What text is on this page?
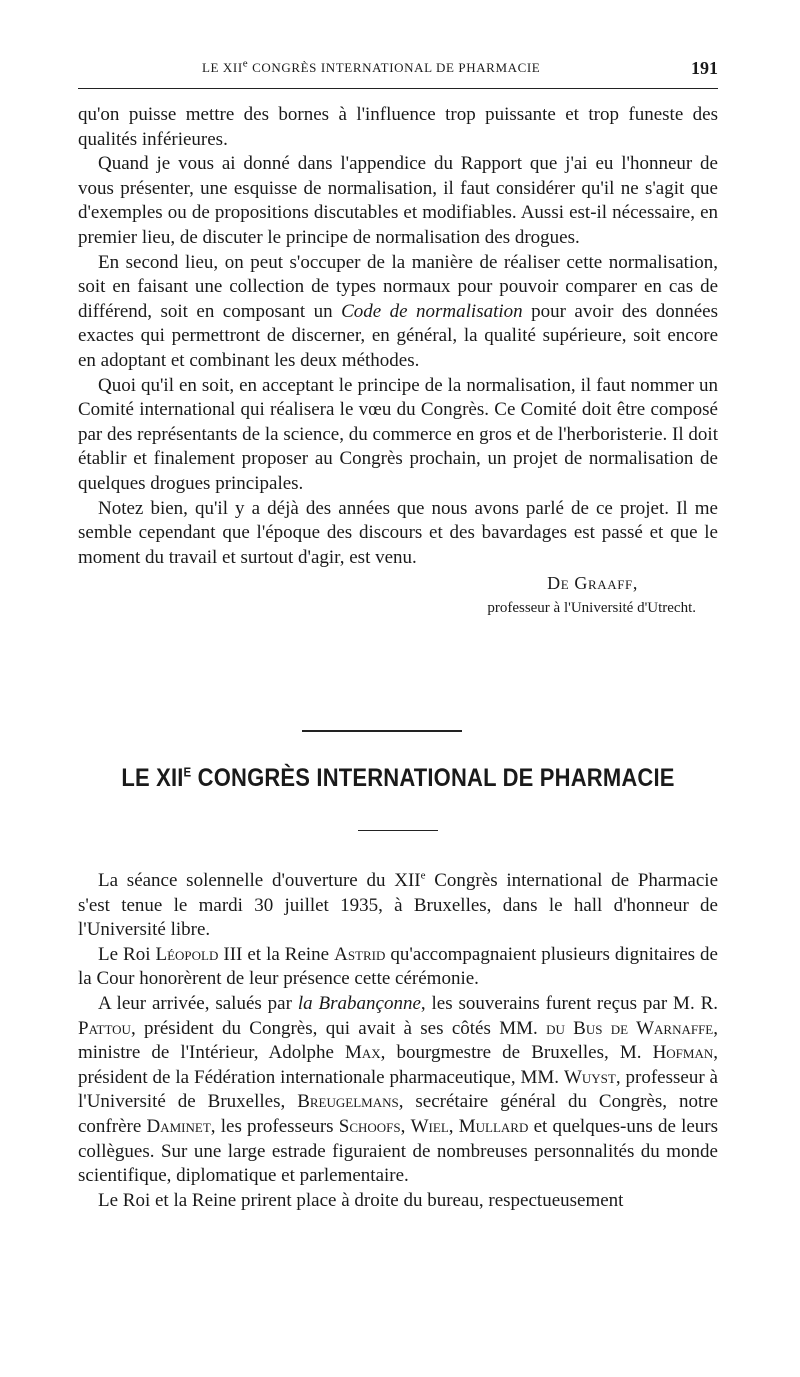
LE XIIe CONGRÈS INTERNATIONAL DE PHARMACIE	191

qu'on puisse mettre des bornes à l'influence trop puissante et trop funeste des qualités inférieures.

Quand je vous ai donné dans l'appendice du Rapport que j'ai eu l'honneur de vous présenter, une esquisse de normalisation, il faut considérer qu'il ne s'agit que d'exemples ou de propositions discutables et modifiables. Aussi est-il nécessaire, en premier lieu, de discuter le principe de normalisation des drogues.

En second lieu, on peut s'occuper de la manière de réaliser cette normalisation, soit en faisant une collection de types normaux pour pouvoir comparer en cas de différend, soit en composant un Code de normalisation pour avoir des données exactes qui permettront de discerner, en général, la qualité supérieure, soit encore en adoptant et combinant les deux méthodes.

Quoi qu'il en soit, en acceptant le principe de la normalisation, il faut nommer un Comité international qui réalisera le vœu du Congrès. Ce Comité doit être composé par des représentants de la science, du commerce en gros et de l'herboristerie. Il doit établir et finalement proposer au Congrès prochain, un projet de normalisation de quelques drogues principales.

Notez bien, qu'il y a déjà des années que nous avons parlé de ce projet. Il me semble cependant que l'époque des discours et des bavardages est passé et que le moment du travail et surtout d'agir, est venu.

De Graaff,

professeur à l'Université d'Utrecht.

LE $XII^E$ CONGRÈS INTERNATIONAL DE PHARMACIE

La séance solennelle d'ouverture du XIIe Congrès international de Pharmacie s'est tenue le mardi 30 juillet 1935, à Bruxelles, dans le hall d'honneur de l'Université libre.

Le Roi Léopold III et la Reine Astrid qu'accompagnaient plusieurs dignitaires de la Cour honorèrent de leur présence cette cérémonie.

A leur arrivée, salués par la Brabançonne, les souverains furent reçus par M. R. Pattou, président du Congrès, qui avait à ses côtés MM. du Bus de Warnaffe, ministre de l'Intérieur, Adolphe Max, bourgmestre de Bruxelles, M. Hofman, président de la Fédération internationale pharmaceutique, MM. Wuyst, professeur à l'Université de Bruxelles, Breugelmans, secrétaire général du Congrès, notre confrère Daminet, les professeurs Schoofs, Wiel, Mullard et quelques-uns de leurs collègues. Sur une large estrade figuraient de nombreuses personnalités du monde scientifique, diplomatique et parlementaire.

Le Roi et la Reine prirent place à droite du bureau, respectueusement
